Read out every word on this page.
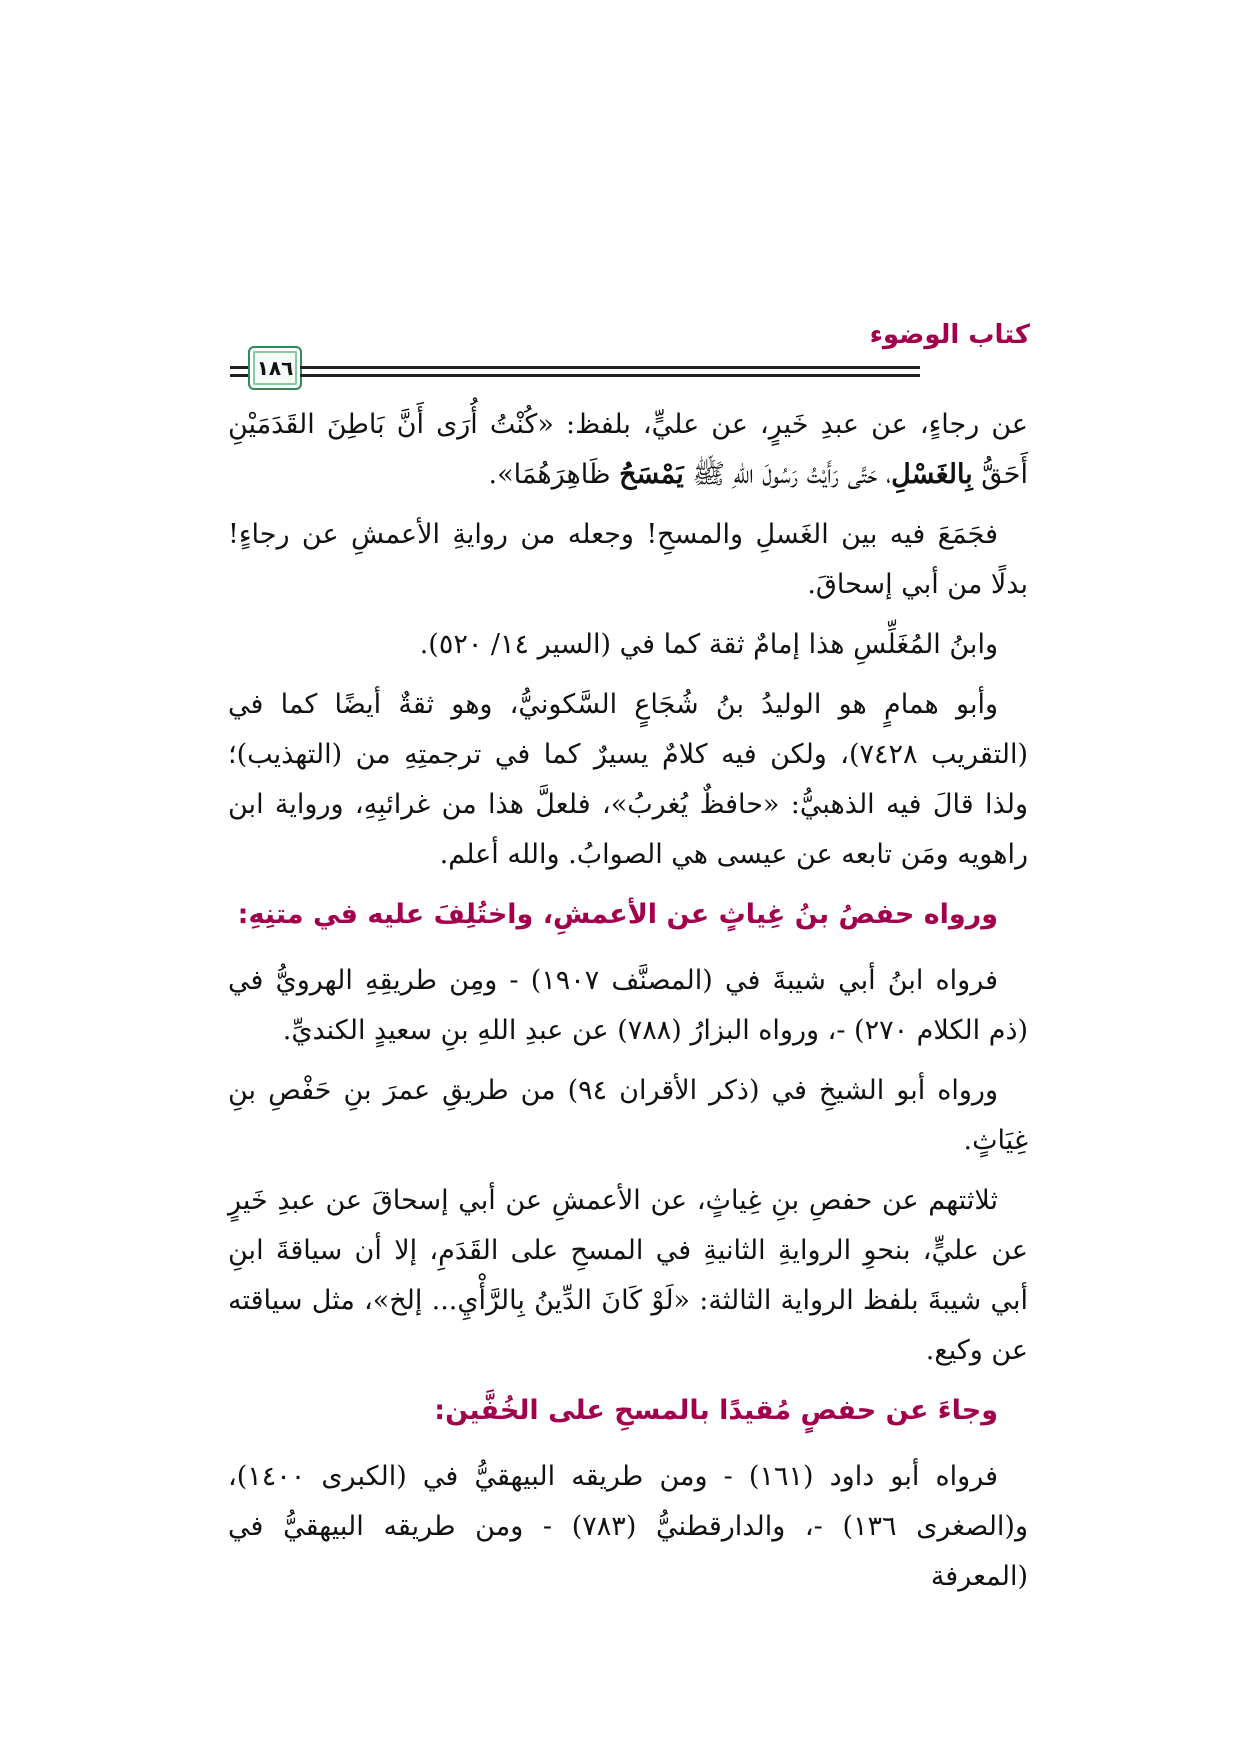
كتاب الوضوء
١٨٦

عن رجاءٍ، عن عبدِ خَيرٍ، عن عليٍّ، بلفظ: «كُنْتُ أُرَى أَنَّ بَاطِنَ القَدَمَيْنِ أَحَقُّ بِالغَسْلِ، حَتَّى رَأَيْتُ رَسُولَ اللهِ ﷺ يَمْسَحُ ظَاهِرَهُمَا».

فجَمَعَ فيه بين الغَسلِ والمسحِ! وجعله من روايةِ الأعمشِ عن رجاءٍ! بدلًا من أبي إسحاقَ.

وابنُ المُغَلِّسِ هذا إمامٌ ثقة كما في (السير ١٤/ ٥٢٠).

وأبو همامٍ هو الوليدُ بنُ شُجَاعٍ السَّكونيُّ، وهو ثقةٌ أيضًا كما في (التقريب ٧٤٢٨)، ولكن فيه كلامٌ يسيرٌ كما في ترجمتِهِ من (التهذيب)؛ ولذا قالَ فيه الذهبيُّ: «حافظٌ يُغربُ»، فلعلَّ هذا من غرائبِهِ، ورواية ابن راهويه ومَن تابعه عن عيسى هي الصوابُ. والله أعلم.

ورواه حفصُ بنُ غِياثٍ عن الأعمشِ، واختُلِفَ عليه في متنِهِ:

فرواه ابنُ أبي شيبةَ في (المصنَّف ١٩٠٧) - ومِن طريقِهِ الهرويُّ في (ذم الكلام ٢٧٠) -، ورواه البزارُ (٧٨٨) عن عبدِ اللهِ بنِ سعيدٍ الكنديِّ.

ورواه أبو الشيخِ في (ذكر الأقران ٩٤) من طريقِ عمرَ بنِ حَفْصِ بنِ غِيَاثٍ.

ثلاثتهم عن حفصِ بنِ غِياثٍ، عن الأعمشِ عن أبي إسحاقَ عن عبدِ خَيرٍ عن عليٍّ، بنحوِ الروايةِ الثانيةِ في المسحِ على القَدَمِ، إلا أن سياقةَ ابنِ أبي شيبةَ بلفظ الرواية الثالثة: «لَوْ كَانَ الدِّينُ بِالرَّأْيِ... إلخ»، مثل سياقته عن وكيع.

وجاءَ عن حفصٍ مُقيدًا بالمسحِ على الخُفَّين:

فرواه أبو داود (١٦١) - ومن طريقه البيهقيُّ في (الكبرى ١٤٠٠)، و(الصغرى ١٣٦) -، والدارقطنيُّ (٧٨٣) - ومن طريقه البيهقيُّ في (المعرفة
